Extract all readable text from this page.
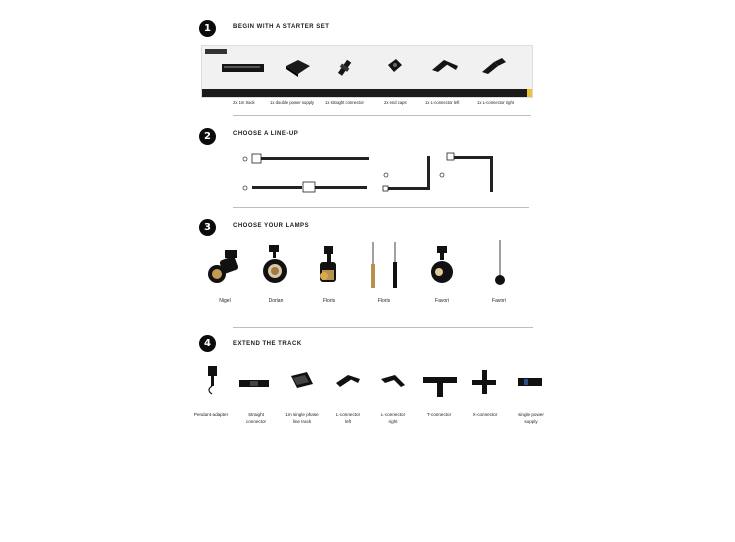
1	BEGIN WITH A STARTER SET
2x 1m track	1x double power supply	1x straight connector	2x end caps	1x L-connector left	1x L-connector right
2	CHOOSE A LINE-UP
3	CHOOSE YOUR LAMPS
Nigel	Dorian	Floris	Floris	Favori	Favori
4	EXTEND THE TRACK
Pendant-adapter	Straight
connector
1m single phase
line track
L-connector
left
L-connector
right
T-connector	X-connector	single power
supply
